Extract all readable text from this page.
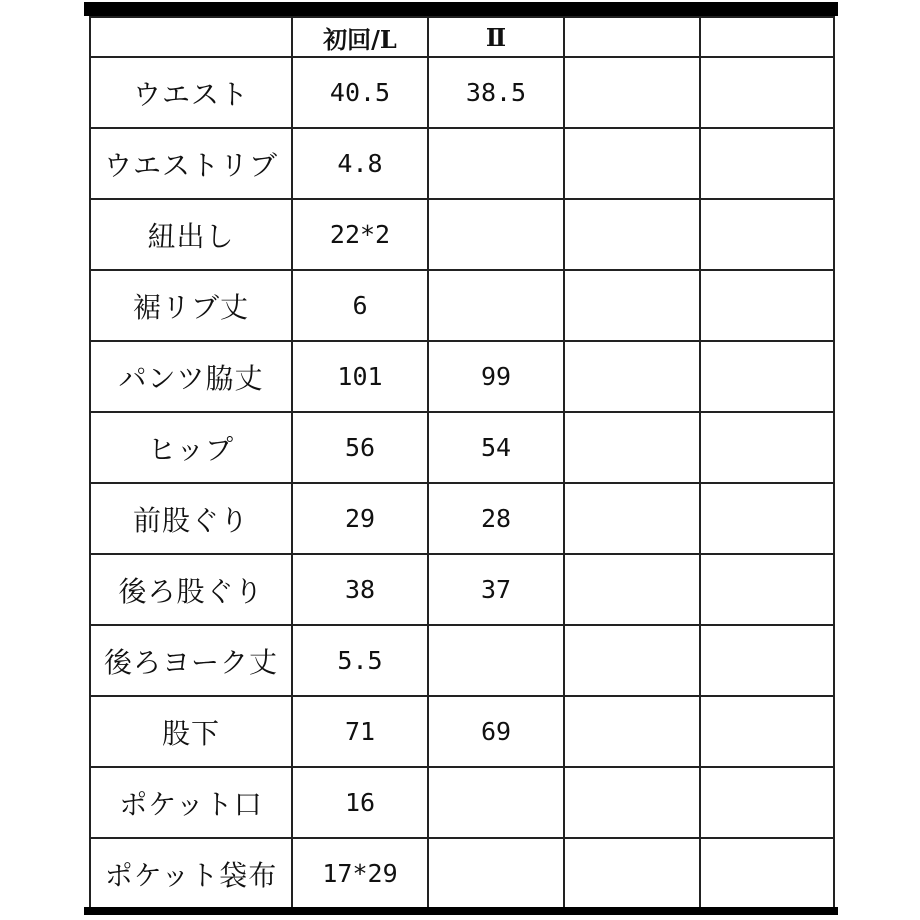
	初回/L	Ⅱ		
ウエスト	40.5	38.5		
ウエストリブ	4.8			
紐出し	22*2			
裾リブ丈	6			
パンツ脇丈	101	99		
ヒップ	56	54		
前股ぐり	29	28		
後ろ股ぐり	38	37		
後ろヨーク丈	5.5			
股下	71	69		
ポケット口	16			
ポケット袋布	17*29			
